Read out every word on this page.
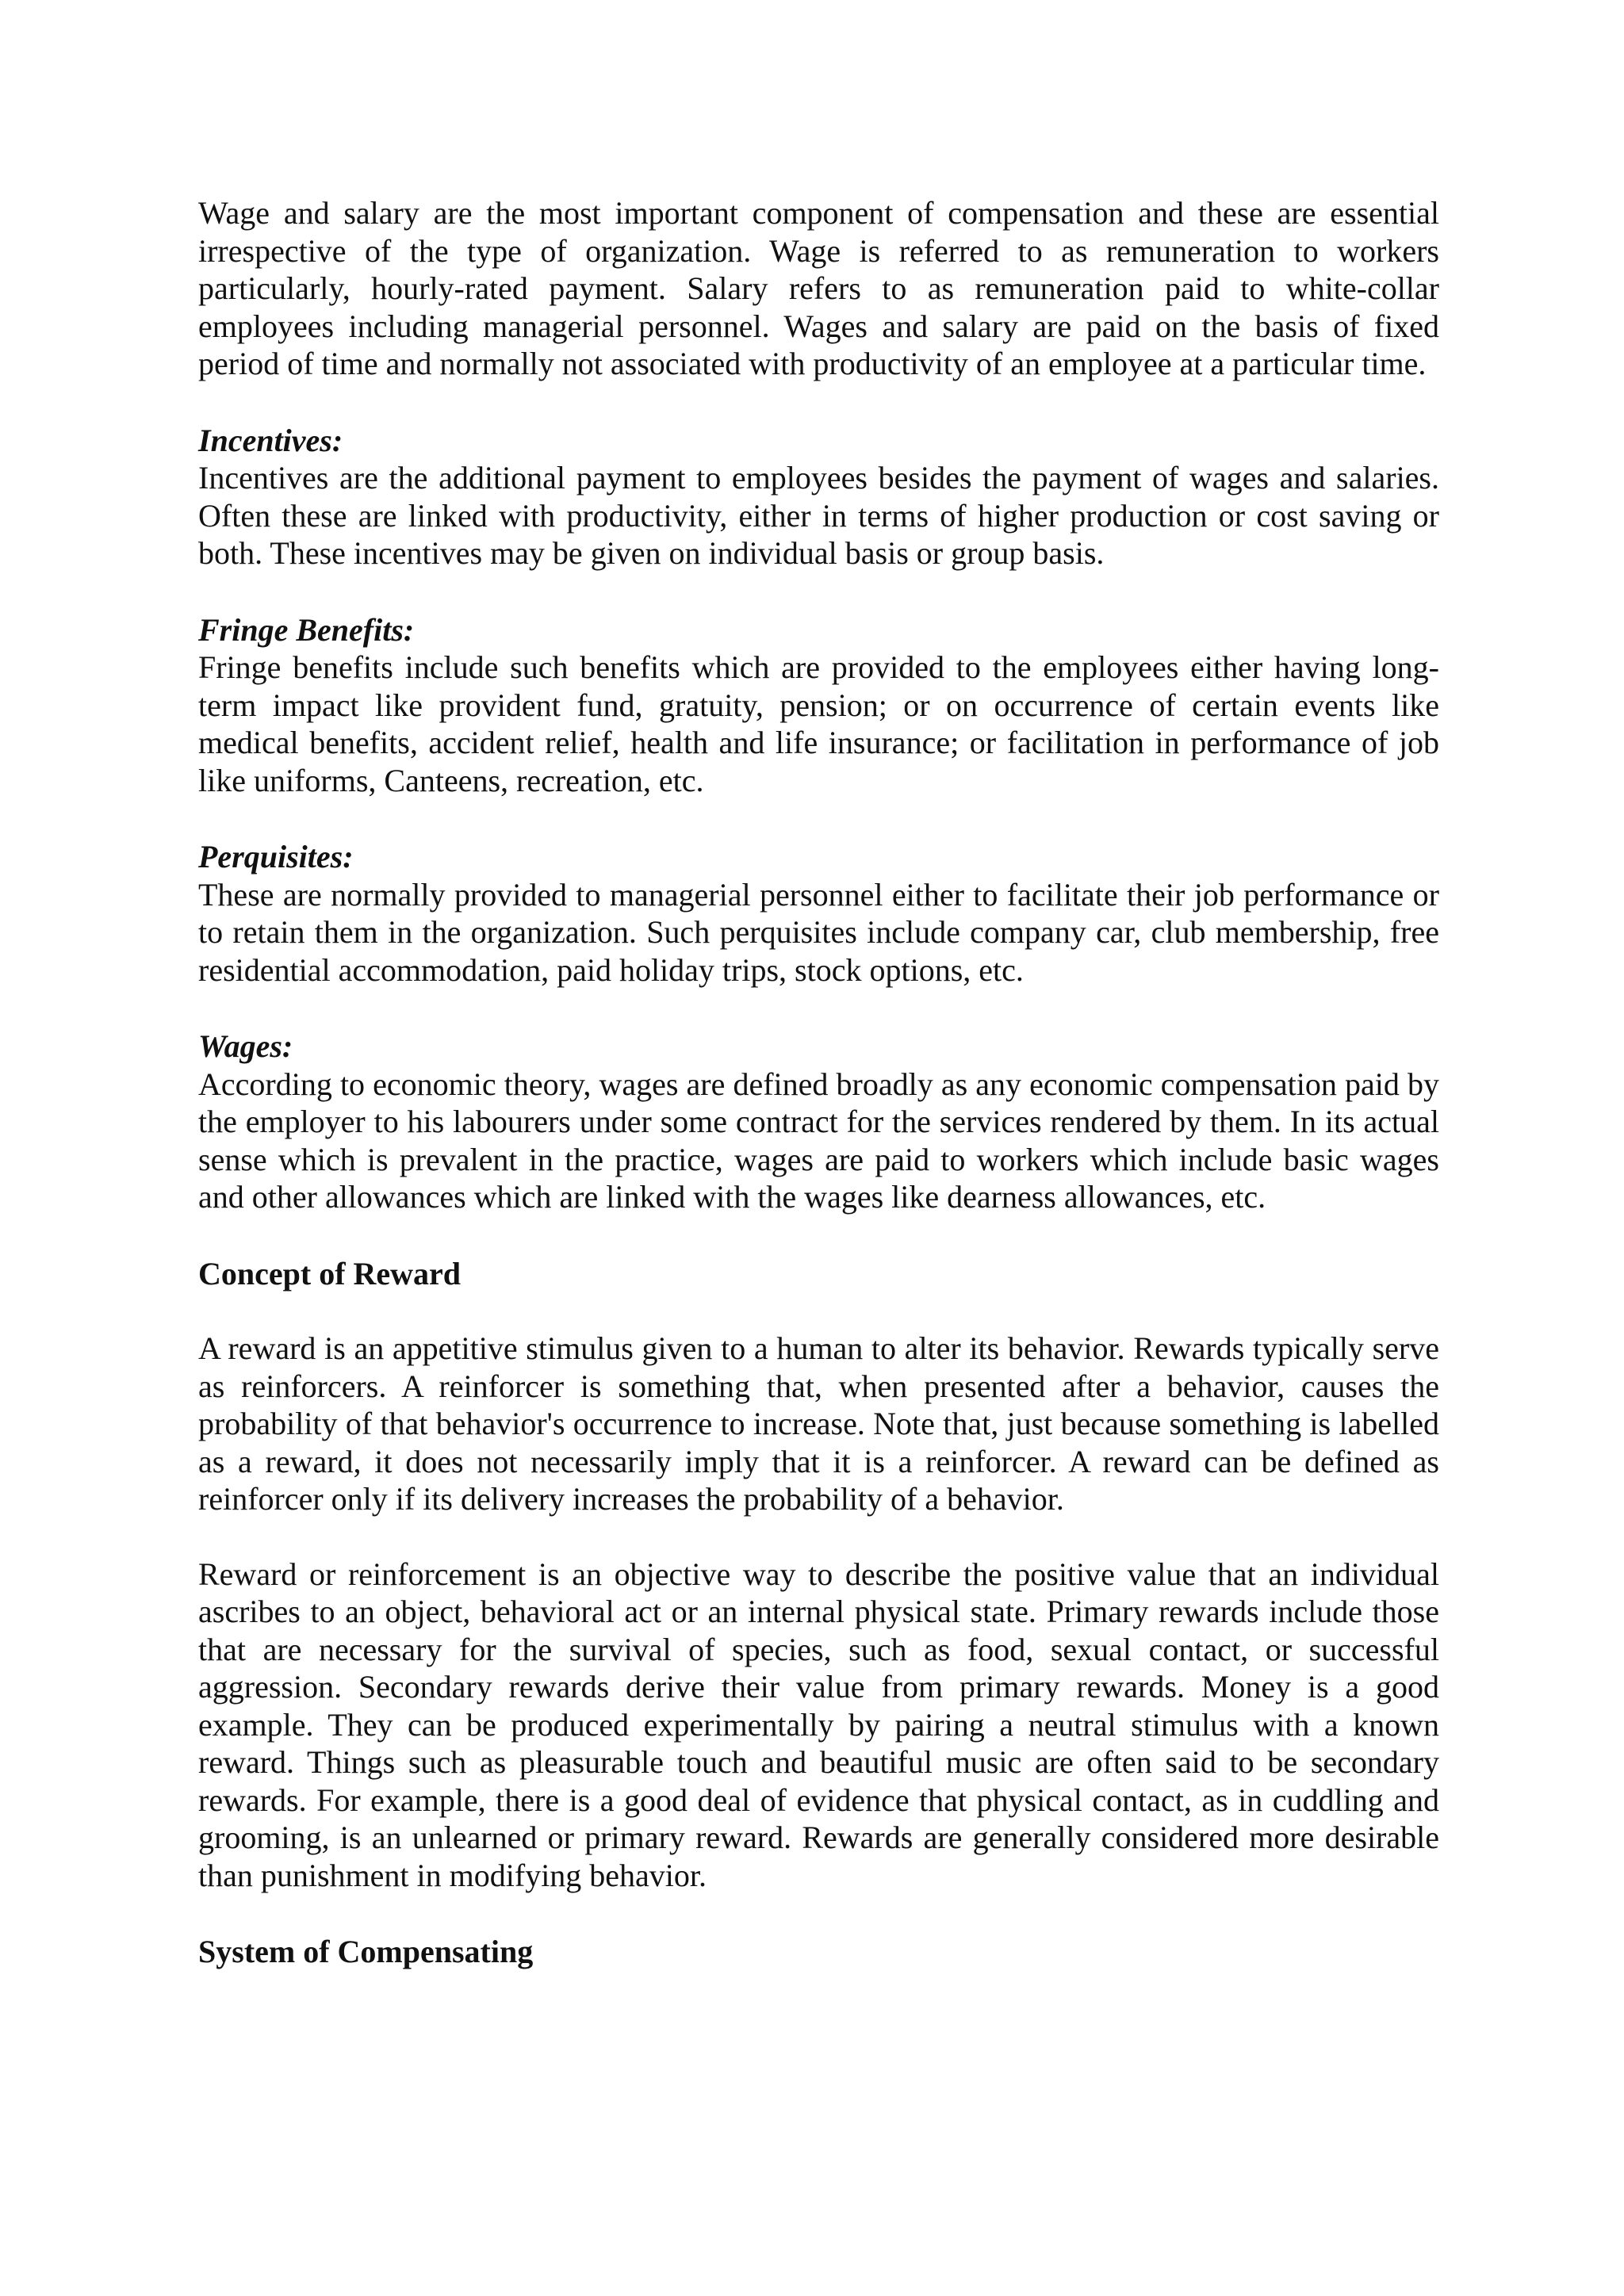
Wage and salary are the most important component of compensation and these are essential irrespective of the type of organization. Wage is referred to as remuneration to workers particularly, hourly-rated payment. Salary refers to as remuneration paid to white-collar employees including managerial personnel. Wages and salary are paid on the basis of fixed period of time and normally not associated with productivity of an employee at a particular time.

Incentives:

Incentives are the additional payment to employees besides the payment of wages and salaries. Often these are linked with productivity, either in terms of higher production or cost saving or both. These incentives may be given on individual basis or group basis.

Fringe Benefits:

Fringe benefits include such benefits which are provided to the employees either having long-term impact like provident fund, gratuity, pension; or on occurrence of certain events like medical benefits, accident relief, health and life insurance; or facilitation in performance of job like uniforms, Canteens, recreation, etc.

Perquisites:

These are normally provided to managerial personnel either to facilitate their job performance or to retain them in the organization. Such perquisites include company car, club membership, free residential accommodation, paid holiday trips, stock options, etc.

Wages:

According to economic theory, wages are defined broadly as any economic compensation paid by the employer to his labourers under some contract for the services rendered by them. In its actual sense which is prevalent in the practice, wages are paid to workers which include basic wages and other allowances which are linked with the wages like dearness allowances, etc.

Concept of Reward

A reward is an appetitive stimulus given to a human to alter its behavior. Rewards typically serve as reinforcers. A reinforcer is something that, when presented after a behavior, causes the probability of that behavior's occurrence to increase. Note that, just because something is labelled as a reward, it does not necessarily imply that it is a reinforcer. A reward can be defined as reinforcer only if its delivery increases the probability of a behavior.

Reward or reinforcement is an objective way to describe the positive value that an individual ascribes to an object, behavioral act or an internal physical state. Primary rewards include those that are necessary for the survival of species, such as food, sexual contact, or successful aggression. Secondary rewards derive their value from primary rewards. Money is a good example. They can be produced experimentally by pairing a neutral stimulus with a known reward. Things such as pleasurable touch and beautiful music are often said to be secondary rewards. For example, there is a good deal of evidence that physical contact, as in cuddling and grooming, is an unlearned or primary reward. Rewards are generally considered more desirable than punishment in modifying behavior.

System of Compensating
